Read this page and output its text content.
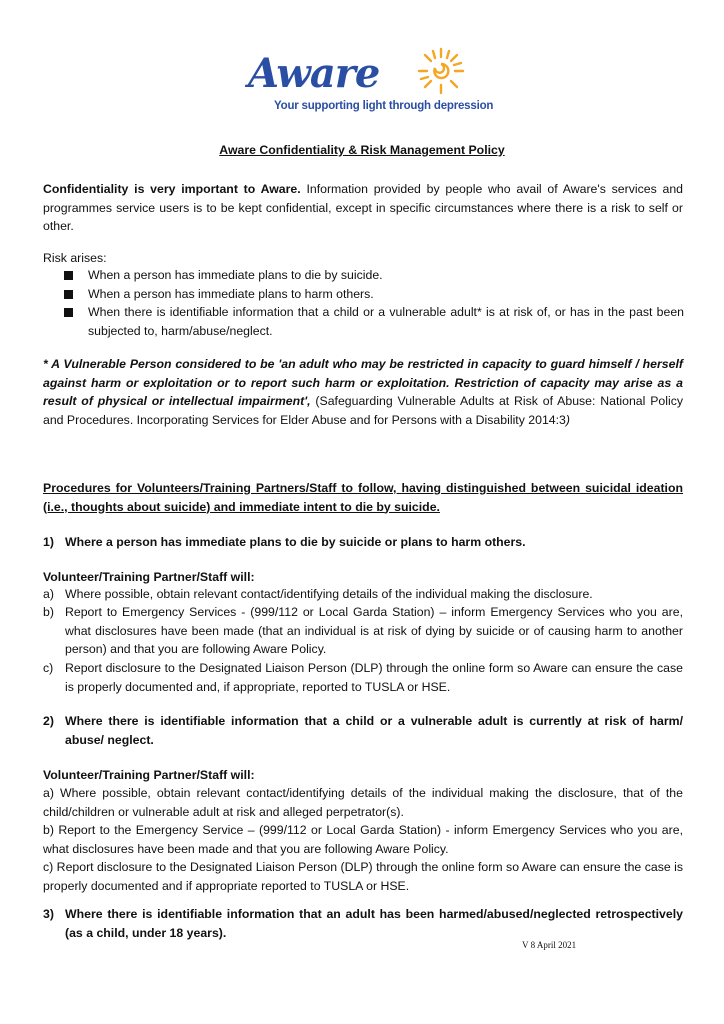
Aware
Your supporting light through depression
Aware Confidentiality & Risk Management Policy
Confidentiality is very important to Aware. Information provided by people who avail of Aware's services and programmes service users is to be kept confidential, except in specific circumstances where there is a risk to self or other.
Risk arises:
When a person has immediate plans to die by suicide.
When a person has immediate plans to harm others.
When there is identifiable information that a child or a vulnerable adult* is at risk of, or has in the past been subjected to, harm/abuse/neglect.
* A Vulnerable Person considered to be 'an adult who may be restricted in capacity to guard himself / herself against harm or exploitation or to report such harm or exploitation. Restriction of capacity may arise as a result of physical or intellectual impairment', (Safeguarding Vulnerable Adults at Risk of Abuse: National Policy and Procedures. Incorporating Services for Elder Abuse and for Persons with a Disability 2014:3)
Procedures for Volunteers/Training Partners/Staff to follow, having distinguished between suicidal ideation (i.e., thoughts about suicide) and immediate intent to die by suicide.
1) Where a person has immediate plans to die by suicide or plans to harm others.
Volunteer/Training Partner/Staff will:
a) Where possible, obtain relevant contact/identifying details of the individual making the disclosure.
b) Report to Emergency Services - (999/112 or Local Garda Station) – inform Emergency Services who you are, what disclosures have been made (that an individual is at risk of dying by suicide or of causing harm to another person) and that you are following Aware Policy.
c) Report disclosure to the Designated Liaison Person (DLP) through the online form so Aware can ensure the case is properly documented and, if appropriate, reported to TUSLA or HSE.
2) Where there is identifiable information that a child or a vulnerable adult is currently at risk of harm/ abuse/ neglect.
Volunteer/Training Partner/Staff will:
a) Where possible, obtain relevant contact/identifying details of the individual making the disclosure, that of the child/children or vulnerable adult at risk and alleged perpetrator(s).
b) Report to the Emergency Service – (999/112 or Local Garda Station) - inform Emergency Services who you are, what disclosures have been made and that you are following Aware Policy.
c) Report disclosure to the Designated Liaison Person (DLP) through the online form so Aware can ensure the case is properly documented and if appropriate reported to TUSLA or HSE.
3) Where there is identifiable information that an adult has been harmed/abused/neglected retrospectively (as a child, under 18 years).
V 8 April 2021
